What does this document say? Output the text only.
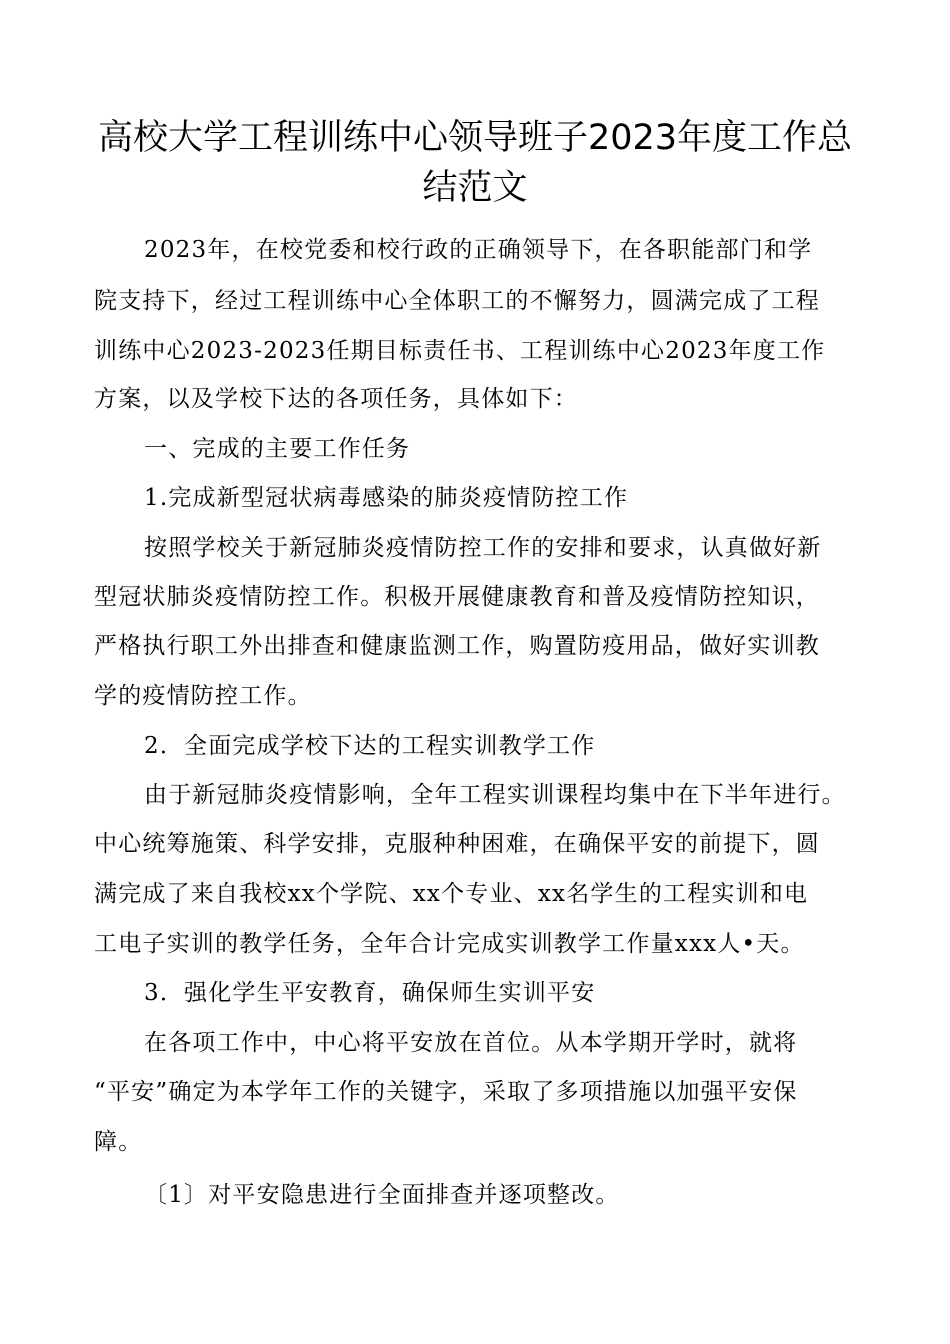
高校大学工程训练中心领导班子2023年度工作总
结范文
2023年，在校党委和校行政的正确领导下，在各职能部门和学
院支持下，经过工程训练中心全体职工的不懈努力，圆满完成了工程
训练中心2023-2023任期目标责任书、工程训练中心2023年度工作
方案，以及学校下达的各项任务，具体如下：
一、完成的主要工作任务
1.完成新型冠状病毒感染的肺炎疫情防控工作
按照学校关于新冠肺炎疫情防控工作的安排和要求，认真做好新
型冠状肺炎疫情防控工作。积极开展健康教育和普及疫情防控知识，
严格执行职工外出排查和健康监测工作，购置防疫用品，做好实训教
学的疫情防控工作。
2．全面完成学校下达的工程实训教学工作
由于新冠肺炎疫情影响，全年工程实训课程均集中在下半年进行。
中心统筹施策、科学安排，克服种种困难，在确保平安的前提下，圆
满完成了来自我校xx个学院、xx个专业、xx名学生的工程实训和电
工电子实训的教学任务，全年合计完成实训教学工作量xxx人•天。
3．强化学生平安教育，确保师生实训平安
在各项工作中，中心将平安放在首位。从本学期开学时，就将
“平安”确定为本学年工作的关键字，采取了多项措施以加强平安保
障。
〔1〕对平安隐患进行全面排查并逐项整改。
